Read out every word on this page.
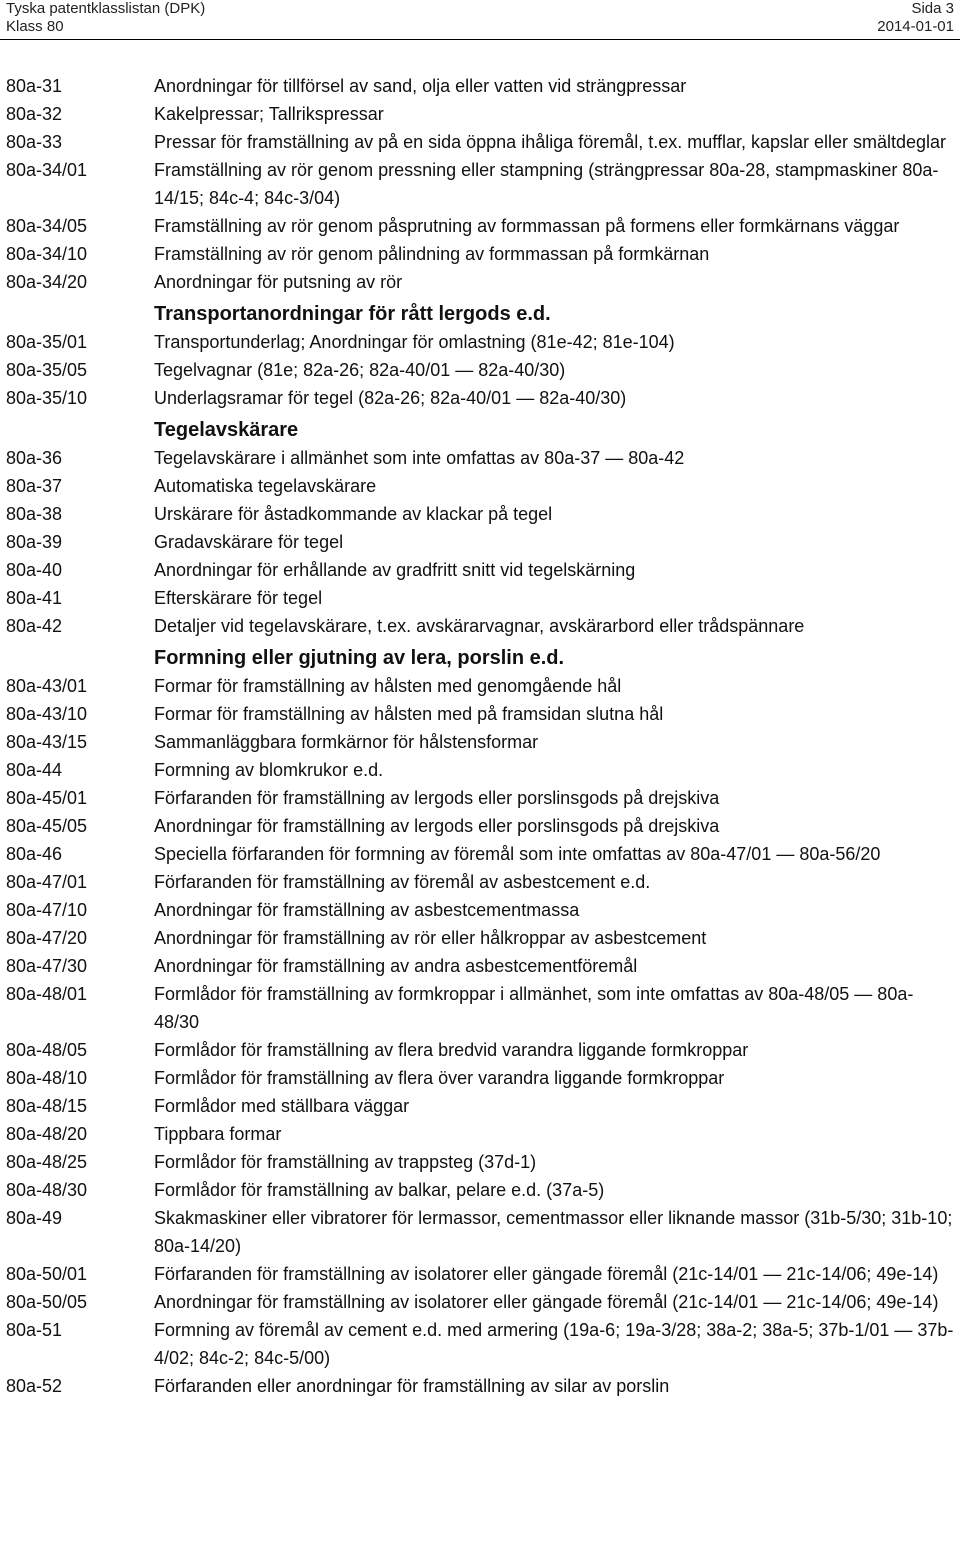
Tyska patentklasslistan (DPK)	Sida 3
Klass 80	2014-01-01
80a-31	Anordningar för tillförsel av sand, olja eller vatten vid strängpressar
80a-32	Kakelpressar; Tallrikspressar
80a-33	Pressar för framställning av på en sida öppna ihåliga föremål, t.ex. mufflar, kapslar eller smältdeglar
80a-34/01	Framställning av rör genom pressning eller stampning (strängpressar 80a-28, stampmaskiner 80a-14/15; 84c-4; 84c-3/04)
80a-34/05	Framställning av rör genom påsprutning av formmassan på formens eller formkärnans väggar
80a-34/10	Framställning av rör genom pålindning av formmassan på formkärnan
80a-34/20	Anordningar för putsning av rör
Transportanordningar för rått lergods e.d.
80a-35/01	Transportunderlag; Anordningar för omlastning (81e-42; 81e-104)
80a-35/05	Tegelvagnar (81e; 82a-26; 82a-40/01 — 82a-40/30)
80a-35/10	Underlagsramar för tegel (82a-26; 82a-40/01 — 82a-40/30)
Tegelavskärare
80a-36	Tegelavskärare i allmänhet som inte omfattas av 80a-37 — 80a-42
80a-37	Automatiska tegelavskärare
80a-38	Urskärare för åstadkommande av klackar på tegel
80a-39	Gradavskärare för tegel
80a-40	Anordningar för erhållande av gradfritt snitt vid tegelskärning
80a-41	Efterskärare för tegel
80a-42	Detaljer vid tegelavskärare, t.ex. avskärarvagnar, avskärarbord eller trådspännare
Formning eller gjutning av lera, porslin e.d.
80a-43/01	Formar för framställning av hålsten med genomgående hål
80a-43/10	Formar för framställning av hålsten med på framsidan slutna hål
80a-43/15	Sammanläggbara formkärnor för hålstensformar
80a-44	Formning av blomkrukor e.d.
80a-45/01	Förfaranden för framställning av lergods eller porslinsgods på drejskiva
80a-45/05	Anordningar för framställning av lergods eller porslinsgods på drejskiva
80a-46	Speciella förfaranden för formning av föremål som inte omfattas av 80a-47/01 — 80a-56/20
80a-47/01	Förfaranden för framställning av föremål av asbestcement e.d.
80a-47/10	Anordningar för framställning av asbestcementmassa
80a-47/20	Anordningar för framställning av rör eller hålkroppar av asbestcement
80a-47/30	Anordningar för framställning av andra asbestcementföremål
80a-48/01	Formlådor för framställning av formkroppar i allmänhet, som inte omfattas av 80a-48/05 — 80a-48/30
80a-48/05	Formlådor för framställning av flera bredvid varandra liggande formkroppar
80a-48/10	Formlådor för framställning av flera över varandra liggande formkroppar
80a-48/15	Formlådor med ställbara väggar
80a-48/20	Tippbara formar
80a-48/25	Formlådor för framställning av trappsteg (37d-1)
80a-48/30	Formlådor för framställning av balkar, pelare e.d. (37a-5)
80a-49	Skakmaskiner eller vibratorer för lermassor, cementmassor eller liknande massor (31b-5/30; 31b-10; 80a-14/20)
80a-50/01	Förfaranden för framställning av isolatorer eller gängade föremål (21c-14/01 — 21c-14/06; 49e-14)
80a-50/05	Anordningar för framställning av isolatorer eller gängade föremål (21c-14/01 — 21c-14/06; 49e-14)
80a-51	Formning av föremål av cement e.d. med armering (19a-6; 19a-3/28; 38a-2; 38a-5; 37b-1/01 — 37b-4/02; 84c-2; 84c-5/00)
80a-52	Förfaranden eller anordningar för framställning av silar av porslin
